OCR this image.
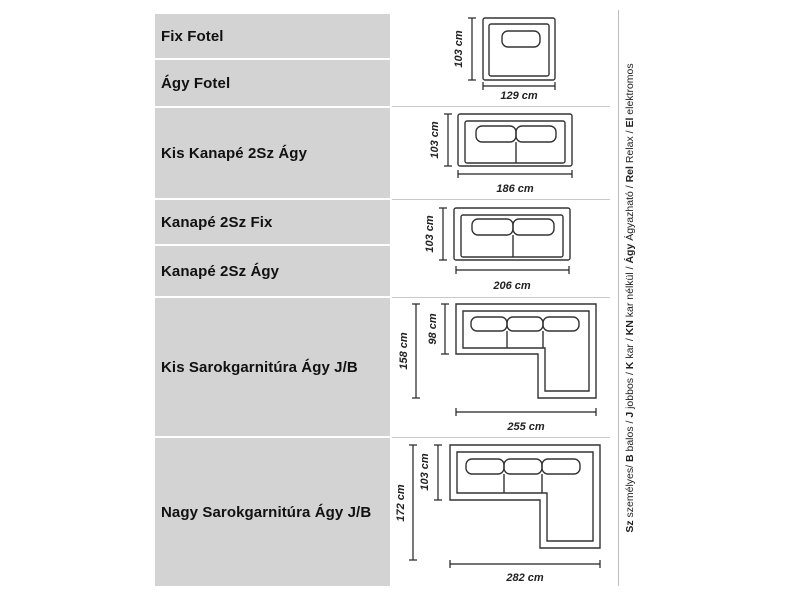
Fix Fotel
Ágy Fotel
Kis Kanapé 2Sz Ágy
Kanapé 2Sz Fix
Kanapé 2Sz Ágy
Kis Sarokgarnitúra Ágy J/B
Nagy Sarokgarnitúra Ágy J/B
103 cm
129 cm
103 cm
186 cm
103 cm
206 cm
98 cm
158 cm
255 cm
103 cm
172 cm
282 cm
Sz személyes/ B balos / J jobbos / K kar / KN kar nélkül / Ágy Ágyazható / Rel Relax / El elektromos
